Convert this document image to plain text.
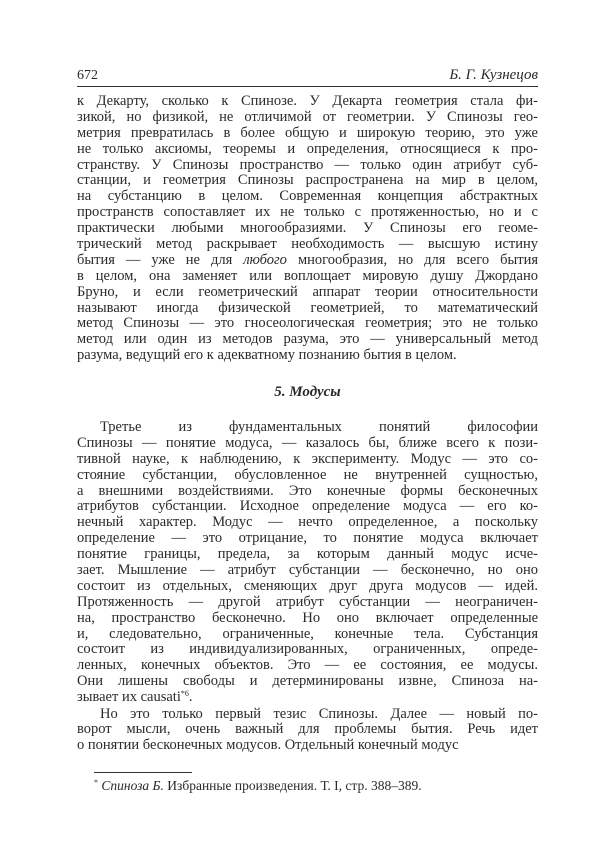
672	Б. Г. Кузнецов
к Декарту, сколько к Спинозе. У Декарта геометрия стала фи-
зикой, но физикой, не отличимой от геометрии. У Спинозы гео-
метрия превратилась в более общую и широкую теорию, это уже
не только аксиомы, теоремы и определения, относящиеся к про-
странству. У Спинозы пространство — только один атрибут суб-
станции, и геометрия Спинозы распространена на мир в целом,
на субстанцию в целом. Современная концепция абстрактных
пространств сопоставляет их не только с протяженностью, но и с
практически любыми многообразиями. У Спинозы его геоме-
трический метод раскрывает необходимость — высшую истину
бытия — уже не для любого многообразия, но для всего бытия
в целом, она заменяет или воплощает мировую душу Джордано
Бруно, и если геометрический аппарат теории относительности
называют иногда физической геометрией, то математический
метод Спинозы — это гносеологическая геометрия; это не только
метод или один из методов разума, это — универсальный метод
разума, ведущий его к адекватному познанию бытия в целом.
5. Модусы
Третье из фундаментальных понятий философии
Спинозы — понятие модуса, — казалось бы, ближе всего к пози-
тивной науке, к наблюдению, к эксперименту. Модус — это со-
стояние субстанции, обусловленное не внутренней сущностью,
а внешними воздействиями. Это конечные формы бесконечных
атрибутов субстанции. Исходное определение модуса — его ко-
нечный характер. Модус — нечто определенное, а поскольку
определение — это отрицание, то понятие модуса включает
понятие границы, предела, за которым данный модус исче-
зает. Мышление — атрибут субстанции — бесконечно, но оно
состоит из отдельных, сменяющих друг друга модусов — идей.
Протяженность — другой атрибут субстанции — неограничен-
на, пространство бесконечно. Но оно включает определенные
и, следовательно, ограниченные, конечные тела. Субстанция
состоит из индивидуализированных, ограниченных, опреде-
ленных, конечных объектов. Это — ее состояния, ее модусы.
Они лишены свободы и детерминированы извне, Спиноза на-
зывает их causati$^{*6}$.
Но это только первый тезис Спинозы. Далее — новый по-
ворот мысли, очень важный для проблемы бытия. Речь идет
о понятии бесконечных модусов. Отдельный конечный модус
* Спиноза Б. Избранные произведения. Т. I, стр. 388–389.
